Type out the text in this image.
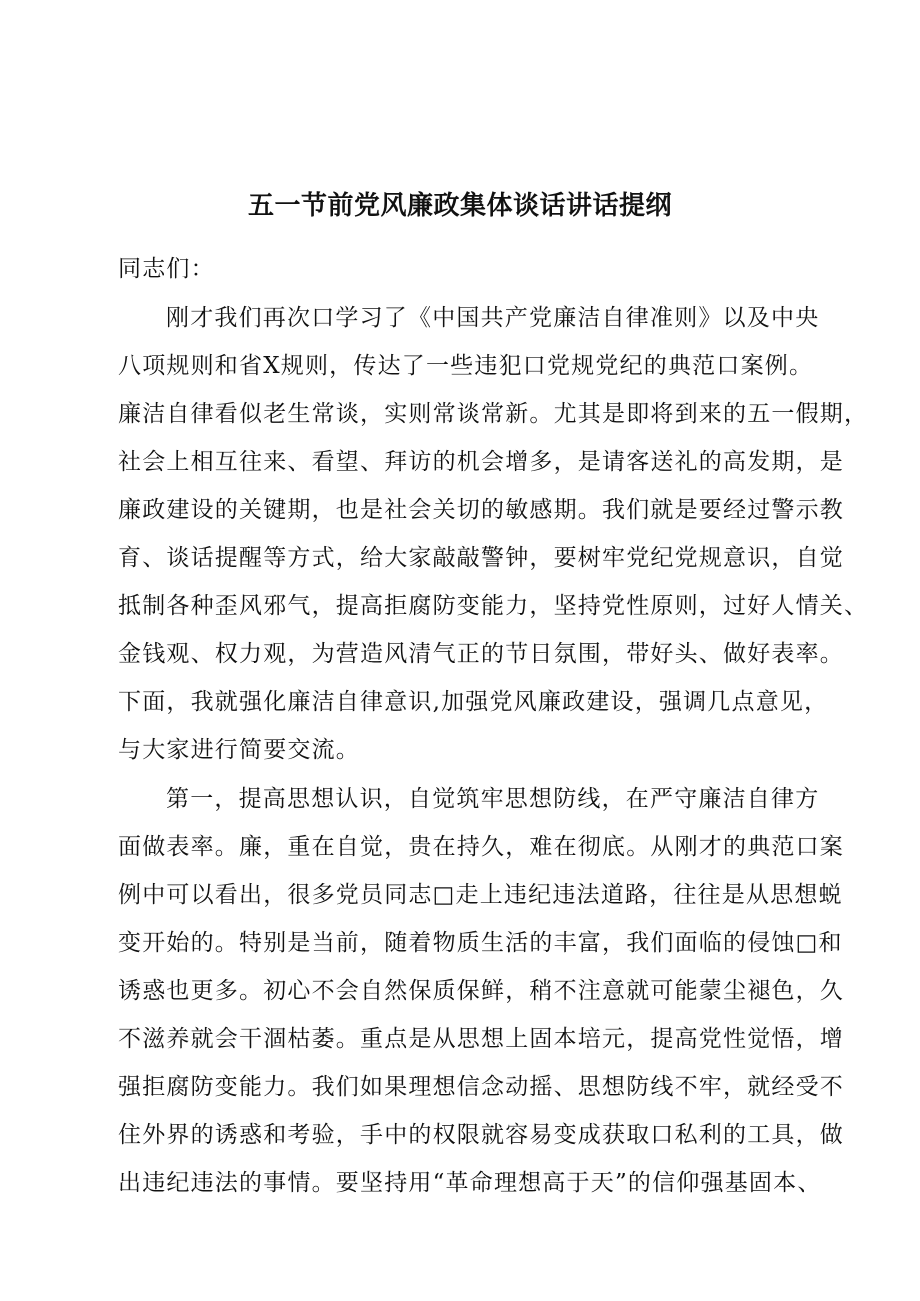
五一节前党风廉政集体谈话讲话提纲
同志们：
刚才我们再次口学习了《中国共产党廉洁自律准则》以及中央
八项规则和省X规则，传达了一些违犯口党规党纪的典范口案例。
廉洁自律看似老生常谈，实则常谈常新。尤其是即将到来的五一假期，
社会上相互往来、看望、拜访的机会增多，是请客送礼的高发期，是
廉政建设的关键期，也是社会关切的敏感期。我们就是要经过警示教
育、谈话提醒等方式，给大家敲敲警钟，要树牢党纪党规意识，自觉
抵制各种歪风邪气，提高拒腐防变能力，坚持党性原则，过好人情关、
金钱观、权力观，为营造风清气正的节日氛围，带好头、做好表率。
下面，我就强化廉洁自律意识,加强党风廉政建设，强调几点意见，
与大家进行简要交流。
第一，提高思想认识，自觉筑牢思想防线，在严守廉洁自律方
面做表率。廉，重在自觉，贵在持久，难在彻底。从刚才的典范口案
例中可以看出，很多党员同志□走上违纪违法道路，往往是从思想蜕
变开始的。特别是当前，随着物质生活的丰富，我们面临的侵蚀□和
诱惑也更多。初心不会自然保质保鲜，稍不注意就可能蒙尘褪色，久
不滋养就会干涸枯萎。重点是从思想上固本培元，提高党性觉悟，增
强拒腐防变能力。我们如果理想信念动摇、思想防线不牢，就经受不
住外界的诱惑和考验，手中的权限就容易变成获取口私利的工具，做
出违纪违法的事情。要坚持用“革命理想高于天”的信仰强基固本、
